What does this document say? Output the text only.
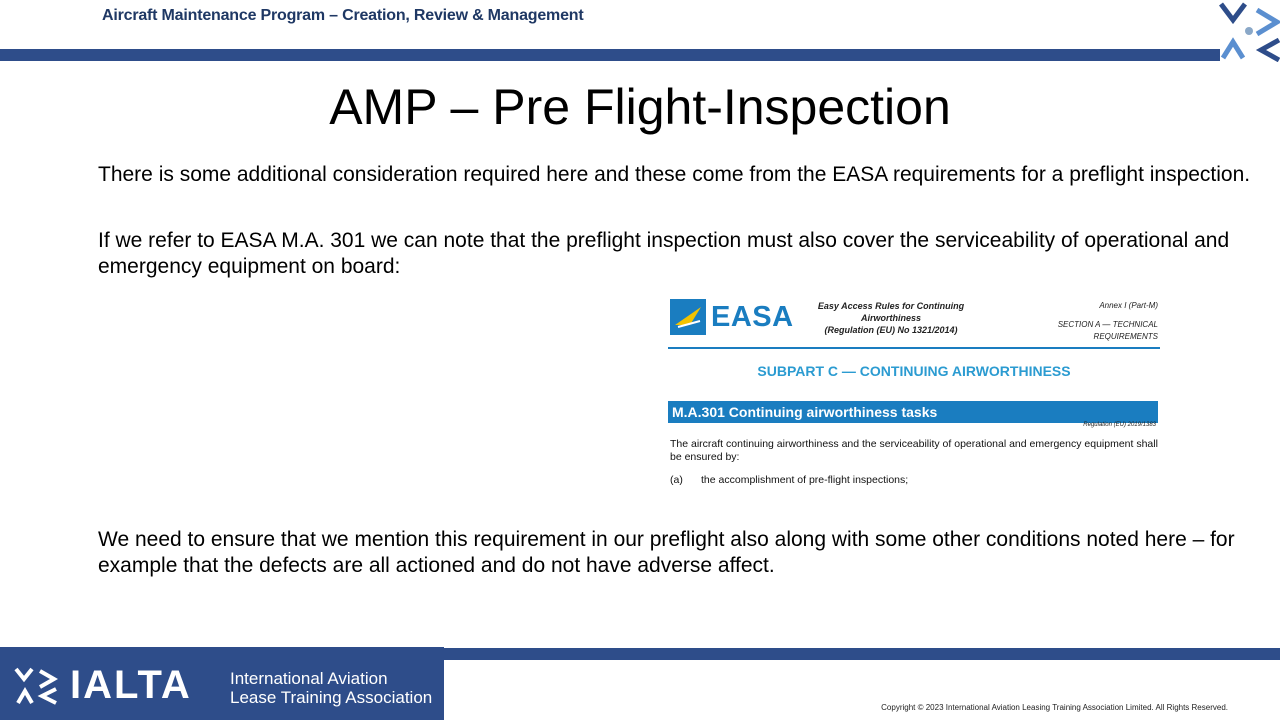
Aircraft Maintenance Program – Creation, Review & Management
AMP – Pre Flight-Inspection
There is some additional consideration required here and these come from the EASA requirements for a preflight inspection.
If we refer to EASA M.A. 301 we can note that the preflight inspection must also cover the serviceability of operational and emergency equipment on board:
EASA	Easy Access Rules for Continuing Airworthiness
(Regulation (EU) No 1321/2014)
Annex I (Part-M)
SECTION A — TECHNICAL
REQUIREMENTS
SUBPART C — CONTINUING AIRWORTHINESS
M.A.301 Continuing airworthiness tasks
Regulation (EU) 2019/1383
The aircraft continuing airworthiness and the serviceability of operational and emergency equipment shall be ensured by:
(a) the accomplishment of pre-flight inspections;
We need to ensure that we mention this requirement in our preflight also along with some other conditions noted here – for example that the defects are all actioned and do not have adverse affect.
IALTA International Aviation
Lease Training Association
Copyright © 2023 International Aviation Leasing Training Association Limited. All Rights Reserved.
